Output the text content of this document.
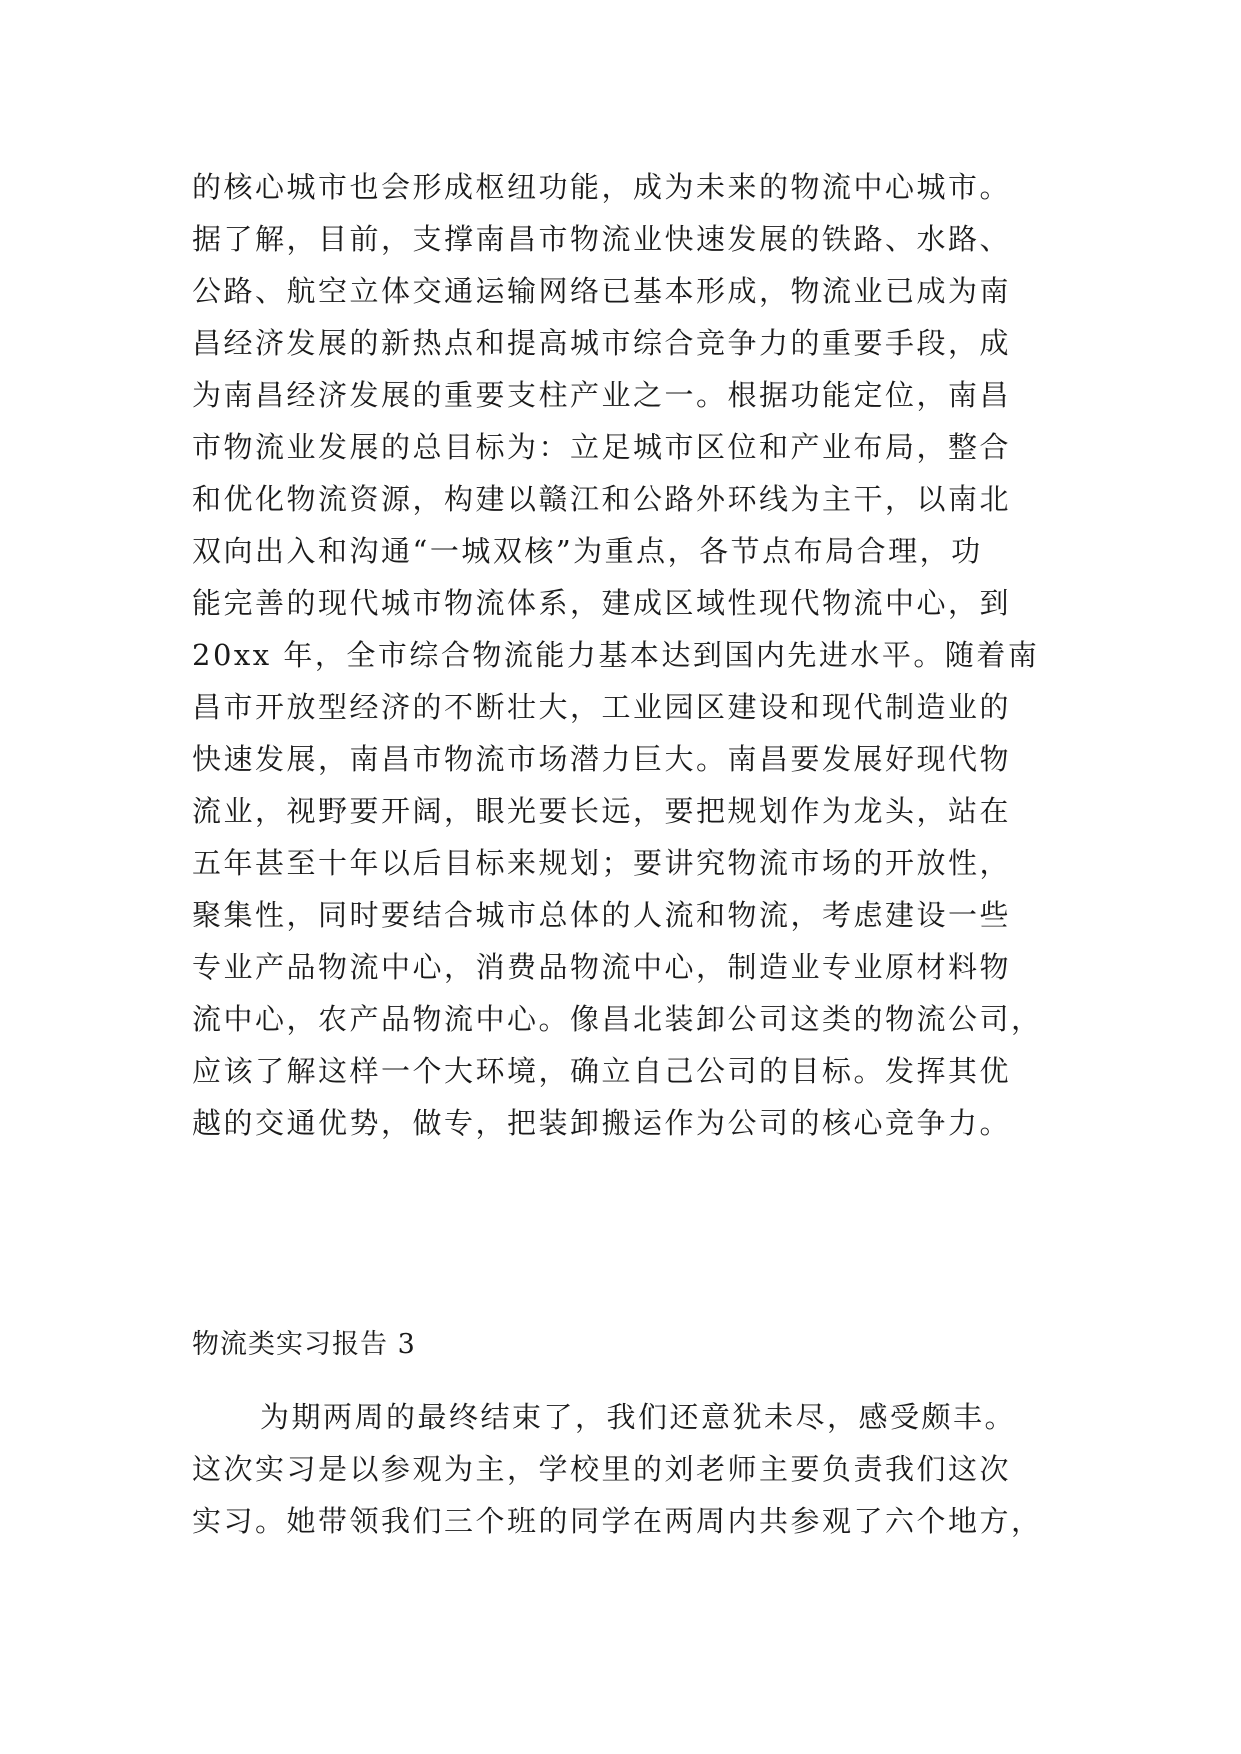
的核心城市也会形成枢纽功能，成为未来的物流中心城市。
据了解，目前，支撑南昌市物流业快速发展的铁路、水路、
公路、航空立体交通运输网络已基本形成，物流业已成为南
昌经济发展的新热点和提高城市综合竞争力的重要手段，成
为南昌经济发展的重要支柱产业之一。根据功能定位，南昌
市物流业发展的总目标为：立足城市区位和产业布局，整合
和优化物流资源，构建以赣江和公路外环线为主干，以南北
双向出入和沟通“一城双核”为重点，各节点布局合理，功
能完善的现代城市物流体系，建成区域性现代物流中心，到
20xx 年，全市综合物流能力基本达到国内先进水平。随着南
昌市开放型经济的不断壮大，工业园区建设和现代制造业的
快速发展，南昌市物流市场潜力巨大。南昌要发展好现代物
流业，视野要开阔，眼光要长远，要把规划作为龙头，站在
五年甚至十年以后目标来规划；要讲究物流市场的开放性，
聚集性，同时要结合城市总体的人流和物流，考虑建设一些
专业产品物流中心，消费品物流中心，制造业专业原材料物
流中心，农产品物流中心。像昌北装卸公司这类的物流公司，
应该了解这样一个大环境，确立自己公司的目标。发挥其优
越的交通优势，做专，把装卸搬运作为公司的核心竞争力。
物流类实习报告 3
为期两周的最终结束了，我们还意犹未尽，感受颇丰。
这次实习是以参观为主，学校里的刘老师主要负责我们这次
实习。她带领我们三个班的同学在两周内共参观了六个地方，
